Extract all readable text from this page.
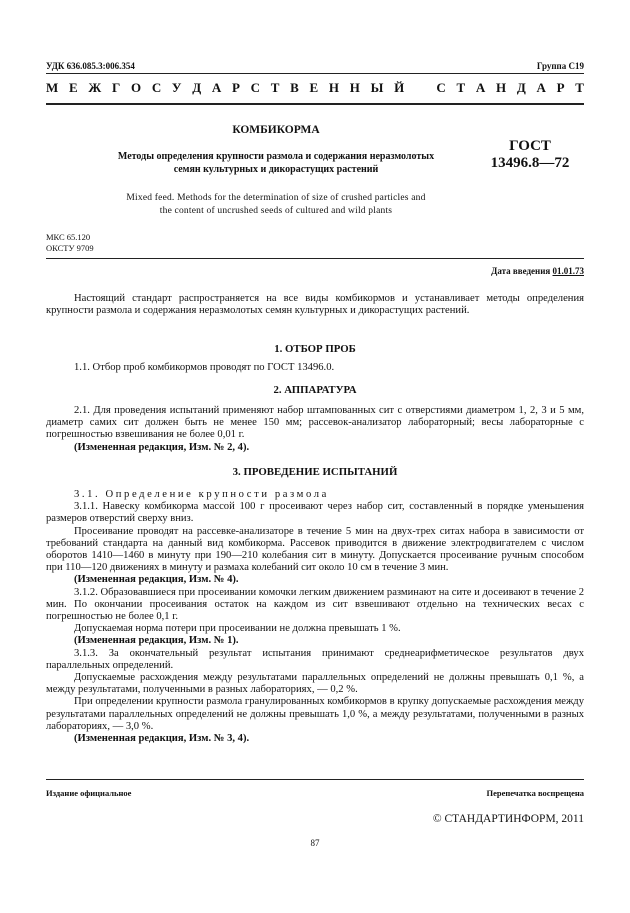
УДК 636.085.3:006.354	Группа С19
М Е Ж Г О С У Д А Р С Т В Е Н Н Ы Й С Т А Н Д А Р Т
КОМБИКОРМА
Методы определения крупности размола и содержания неразмолотых
семян культурных и дикорастущих растений
ГОСТ
13496.8—72
Mixed feed. Methods for the determination of size of crushed particles and
the content of uncrushed seeds of cultured and wild plants
МКС 65.120
ОКСТУ 9709
Дата введения 01.01.73

Настоящий стандарт распространяется на все виды комбикормов и устанавливает методы определения крупности размола и содержания неразмолотых семян культурных и дикорастущих растений.

1. ОТБОР ПРОБ

1.1. Отбор проб комбикормов проводят по ГОСТ 13496.0.

2. АППАРАТУРА

2.1. Для проведения испытаний применяют набор штампованных сит с отверстиями диаметром 1, 2, 3 и 5 мм, диаметр самих сит должен быть не менее 150 мм; рассевок-анализатор лабораторный; весы лабораторные с погрешностью взвешивания не более 0,01 г.

(Измененная редакция, Изм. № 2, 4).

3. ПРОВЕДЕНИЕ ИСПЫТАНИЙ

3.1. Определение крупности размола

3.1.1. Навеску комбикорма массой 100 г просеивают через набор сит, составленный в порядке уменьшения размеров отверстий сверху вниз.

Просеивание проводят на рассевке-анализаторе в течение 5 мин на двух-трех ситах набора в зависимости от требований стандарта на данный вид комбикорма. Рассевок приводится в движение электродвигателем с числом оборотов 1410—1460 в минуту при 190—210 колебания сит в минуту. Допускается просеивание ручным способом при 110—120 движениях в минуту и размаха колебаний сит около 10 см в течение 3 мин.

(Измененная редакция, Изм. № 4).

3.1.2. Образовавшиеся при просеивании комочки легким движением разминают на сите и досеивают в течение 2 мин. По окончании просеивания остаток на каждом из сит взвешивают отдельно на технических весах с погрешностью не более 0,1 г.

Допускаемая норма потери при просеивании не должна превышать 1 %.

(Измененная редакция, Изм. № 1).

3.1.3. За окончательный результат испытания принимают среднеарифметическое результатов двух параллельных определений.

Допускаемые расхождения между результатами параллельных определений не должны превышать 0,1 %, а между результатами, полученными в разных лабораториях, — 0,2 %.

При определении крупности размола гранулированных комбикормов в крупку допускаемые расхождения между результатами параллельных определений не должны превышать 1,0 %, а между результатами, полученными в разных лабораториях, — 3,0 %.

(Измененная редакция, Изм. № 3, 4).

Издание официальное	Перепечатка воспрещена
© СТАНДАРТИНФОРМ, 2011
87
